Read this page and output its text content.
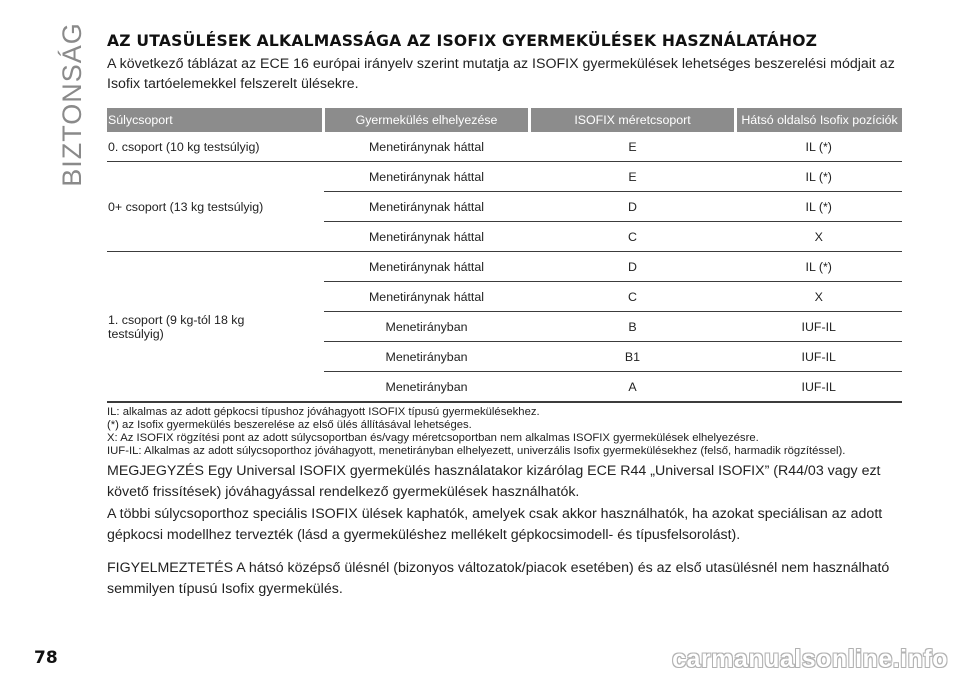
BIZTONSÁG AZ UTASÜLÉSEK ALKALMASSÁGA AZ ISOFIX GYERMEKÜLÉSEK HASZNÁLATÁHOZ

A következő táblázat az ECE 16 európai irányelv szerint mutatja az ISOFIX gyermekülések lehetséges beszerelési módjait az Isofix tartóelemekkel felszerelt ülésekre.

Súlycsoport	Gyermekülés elhelyezése	ISOFIX méretcsoport	Hátsó oldalsó Isofix pozíciók
0. csoport (10 kg testsúlyig)	Menetiránynak háttal	E	IL (*)
0+ csoport (13 kg testsúlyig)	Menetiránynak háttal	E	IL (*)
	Menetiránynak háttal	D	IL (*)
	Menetiránynak háttal	C	X

1. csoport (9 kg-tól 18 kg testsúlyig)	Menetiránynak háttal	D	IL (*)
	Menetiránynak háttal	C	X
	Menetirányban	B	IUF-IL
	Menetirányban	B1	IUF-IL
	Menetirányban	A	IUF-IL

IL: alkalmas az adott gépkocsi típushoz jóváhagyott ISOFIX típusú gyermekülésekhez.

(*) az Isofix gyermekülés beszerelése az első ülés állításával lehetséges.

X: Az ISOFIX rögzítési pont az adott súlycsoportban és/vagy méretcsoportban nem alkalmas ISOFIX gyermekülések elhelyezésre.

IUF-IL: Alkalmas az adott súlycsoporthoz jóváhagyott, menetirányban elhelyezett, univerzális Isofix gyermekülésekhez (felső, harmadik rögzítéssel).

MEGJEGYZÉS Egy Universal ISOFIX gyermekülés használatakor kizárólag ECE R44 „Universal ISOFIX” (R44/03 vagy ezt követő frissítések) jóváhagyással rendelkező gyermekülések használhatók.

A többi súlycsoporthoz speciális ISOFIX ülések kaphatók, amelyek csak akkor használhatók, ha azokat speciálisan az adott gépkocsi modellhez tervezték (lásd a gyermeküléshez mellékelt gépkocsimodell- és típusfelsorolást).

FIGYELMEZTETÉS A hátsó középső ülésnél (bizonyos változatok/piacok esetében) és az első utasülésnél nem használható semmilyen típusú Isofix gyermekülés.

78	carmanualsonline.info
